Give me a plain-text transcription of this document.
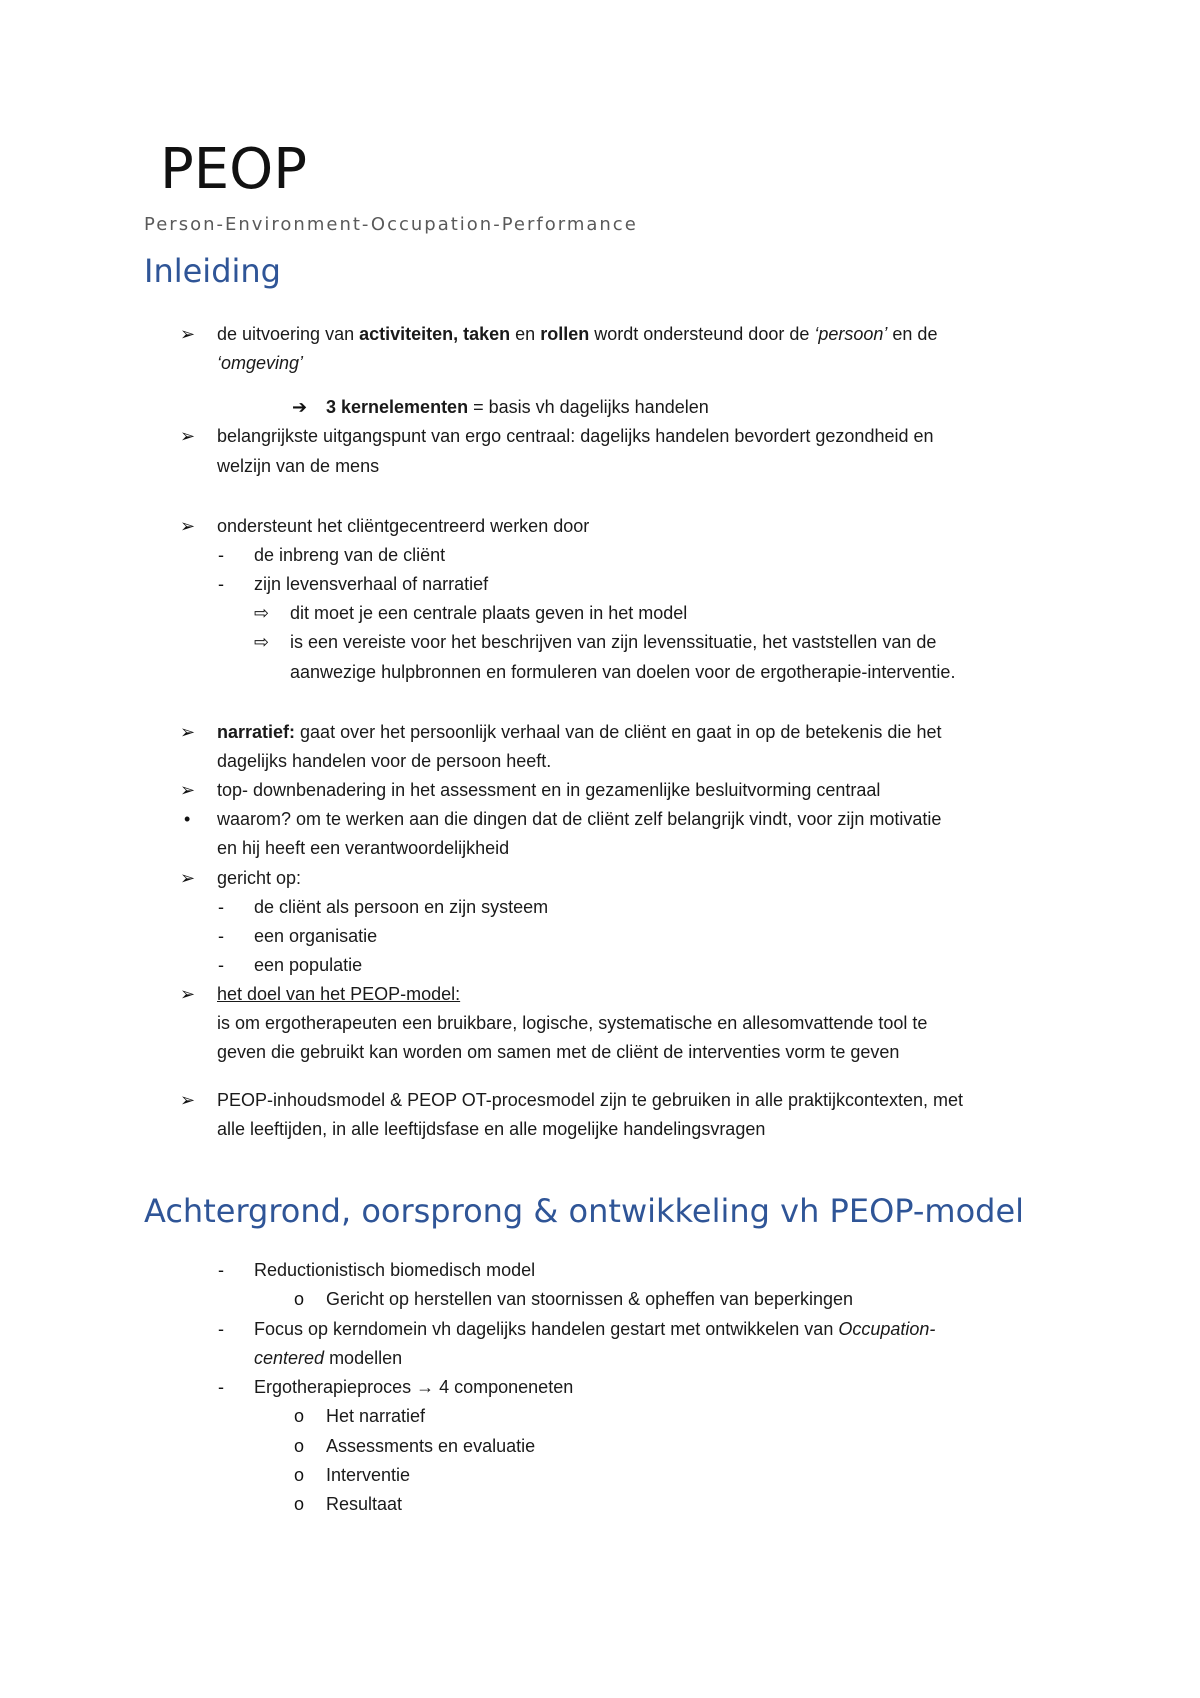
PEOP
Person-Environment-Occupation-Performance
Inleiding
➢ de uitvoering van activiteiten, taken en rollen wordt ondersteund door de ‘persoon’ en de
‘omgeving’
➔ 3 kernelementen = basis vh dagelijks handelen
➢ belangrijkste uitgangspunt van ergo centraal: dagelijks handelen bevordert gezondheid en
welzijn van de mens
➢ ondersteunt het cliëntgecentreerd werken door
- de inbreng van de cliënt
- zijn levensverhaal of narratief
⇨ dit moet je een centrale plaats geven in het model
⇨ is een vereiste voor het beschrijven van zijn levenssituatie, het vaststellen van de
aanwezige hulpbronnen en formuleren van doelen voor de ergotherapie-interventie.
➢ narratief: gaat over het persoonlijk verhaal van de cliënt en gaat in op de betekenis die het
dagelijks handelen voor de persoon heeft.
➢ top- downbenadering in het assessment en in gezamenlijke besluitvorming centraal
• waarom? om te werken aan die dingen dat de cliënt zelf belangrijk vindt, voor zijn motivatie
en hij heeft een verantwoordelijkheid
➢ gericht op:
- de cliënt als persoon en zijn systeem
- een organisatie
- een populatie
➢ het doel van het PEOP-model:
is om ergotherapeuten een bruikbare, logische, systematische en allesomvattende tool te
geven die gebruikt kan worden om samen met de cliënt de interventies vorm te geven
➢ PEOP-inhoudsmodel & PEOP OT-procesmodel zijn te gebruiken in alle praktijkcontexten, met
alle leeftijden, in alle leeftijdsfase en alle mogelijke handelingsvragen
Achtergrond, oorsprong & ontwikkeling vh PEOP-model
- Reductionistisch biomedisch model
o Gericht op herstellen van stoornissen & opheffen van beperkingen
- Focus op kerndomein vh dagelijks handelen gestart met ontwikkelen van Occupation-
centered modellen
- Ergotherapieproces → 4 componeneten
o Het narratief
o Assessments en evaluatie
o Interventie
o Resultaat
